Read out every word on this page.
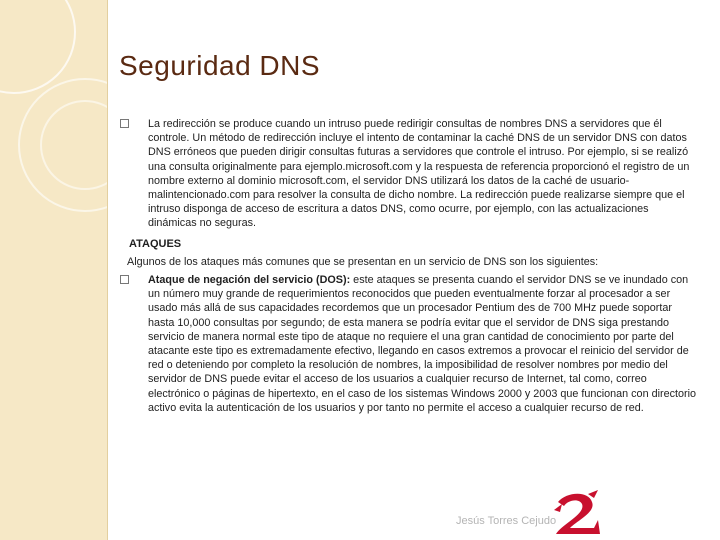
Seguridad DNS
La redirección se produce cuando un intruso puede redirigir consultas de nombres DNS a servidores que él controle. Un método de redirección incluye el intento de contaminar la caché DNS de un servidor DNS con datos DNS erróneos que pueden dirigir consultas futuras a servidores que controle el intruso. Por ejemplo, si se realizó una consulta originalmente para ejemplo.microsoft.com y la respuesta de referencia proporcionó el registro de un nombre externo al dominio microsoft.com, el servidor DNS utilizará los datos de la caché de usuario-malintencionado.com para resolver la consulta de dicho nombre. La redirección puede realizarse siempre que el intruso disponga de acceso de escritura a datos DNS, como ocurre, por ejemplo, con las actualizaciones dinámicas no seguras.
ATAQUES
Algunos de los ataques más comunes que se presentan en un servicio de DNS son los siguientes:
Ataque de negación del servicio (DOS): este ataques se presenta cuando el servidor DNS se ve inundado con un número muy grande de requerimientos reconocidos que pueden eventualmente forzar al procesador a ser usado más allá de sus capacidades recordemos que un procesador Pentium des de 700 MHz puede soportar hasta 10,000 consultas por segundo; de esta manera se podría evitar que el servidor de DNS siga prestando servicio de manera normal este tipo de ataque no requiere el una gran cantidad de conocimiento por parte del atacante este tipo es extremadamente efectivo, llegando en casos extremos a provocar el reinicio del servidor de red o deteniendo por completo la resolución de nombres, la imposibilidad de resolver nombres por medio del servidor de DNS puede evitar el acceso de los usuarios a cualquier recurso de Internet, tal como, correo electrónico o páginas de hipertexto, en el caso de los sistemas Windows 2000 y 2003 que funcionan con directorio activo evita la autenticación de los usuarios y por tanto no permite el acceso a cualquier recurso de red.
Jesús Torres Cejudo
